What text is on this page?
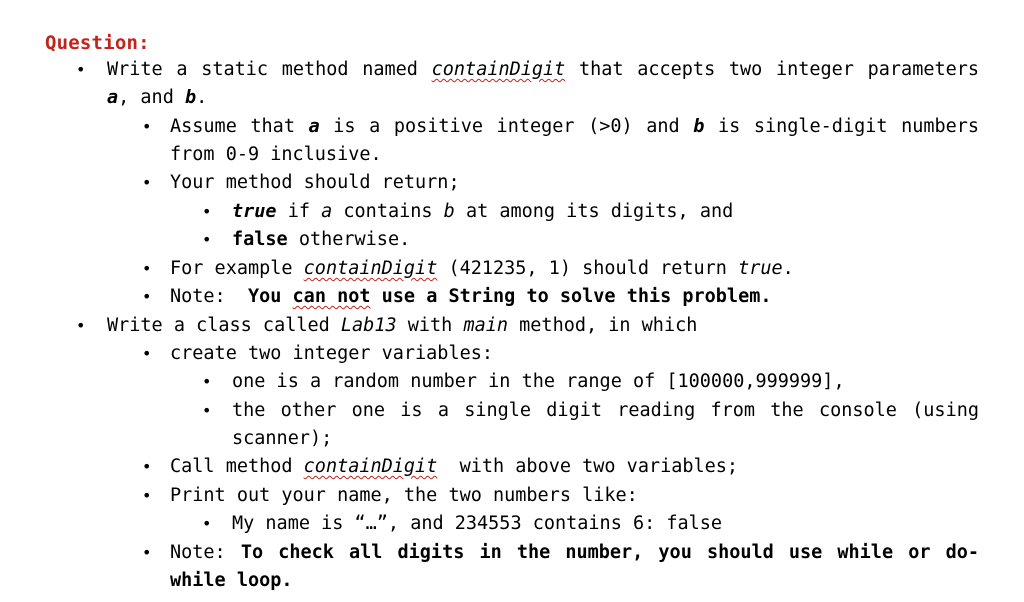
Question:
• Write a static method named containDigit that accepts two integer parameters
a, and b.
• Assume that a is a positive integer (>0) and b is single-digit numbers
from 0-9 inclusive.
• Your method should return;
• true if a contains b at among its digits, and
• false otherwise.
• For example containDigit (421235, 1) should return true.
• Note: You can not use a String to solve this problem.
• Write a class called Lab13 with main method, in which
• create two integer variables:
• one is a random number in the range of [100000,999999],
• the other one is a single digit reading from the console (using
scanner);
• Call method containDigit with above two variables;
• Print out your name, the two numbers like:
• My name is “…”, and 234553 contains 6: false
• Note: To check all digits in the number, you should use while or do-
while loop.
